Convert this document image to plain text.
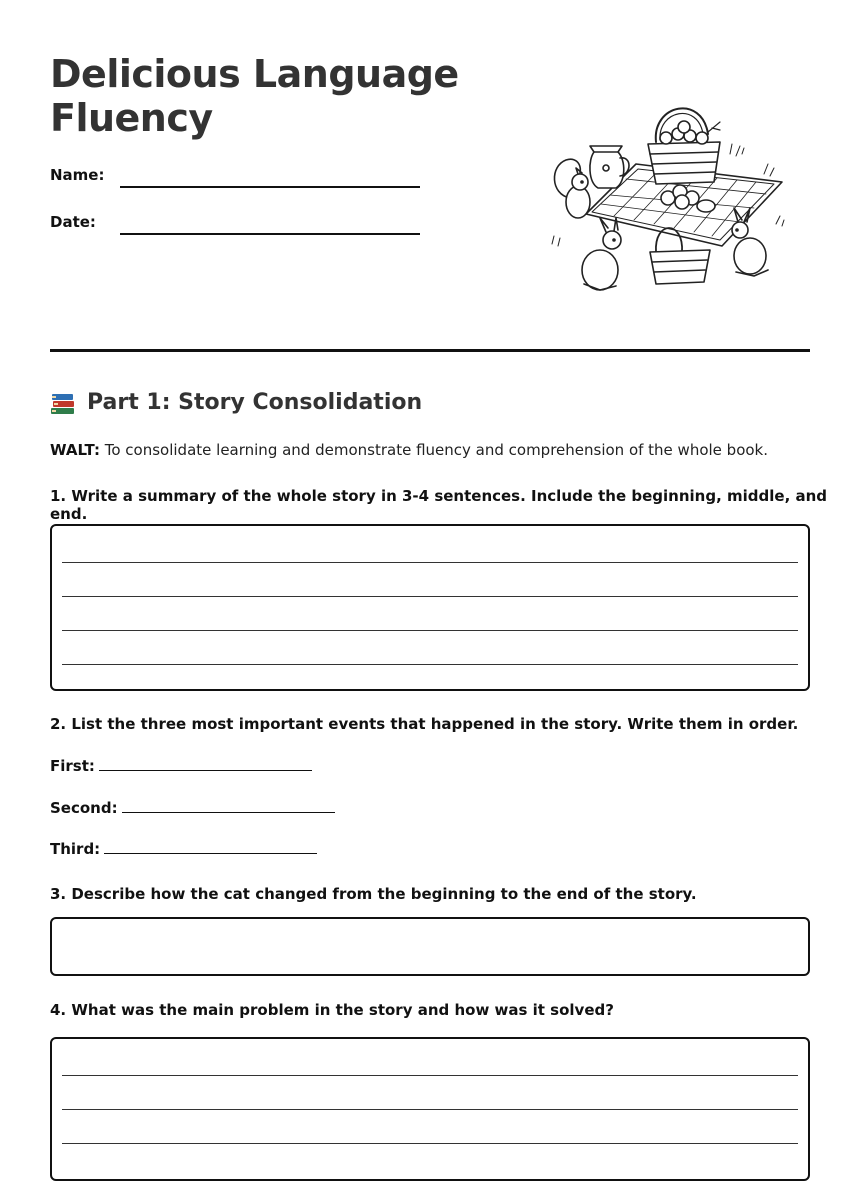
Delicious Language
Fluency
Name:
Date:
Part 1: Story Consolidation
WALT: To consolidate learning and demonstrate fluency and comprehension of the whole book.
1. Write a summary of the whole story in 3-4 sentences. Include the beginning, middle, and end.
2. List the three most important events that happened in the story. Write them in order.
First:
Second:
Third:
3. Describe how the cat changed from the beginning to the end of the story.
4. What was the main problem in the story and how was it solved?
